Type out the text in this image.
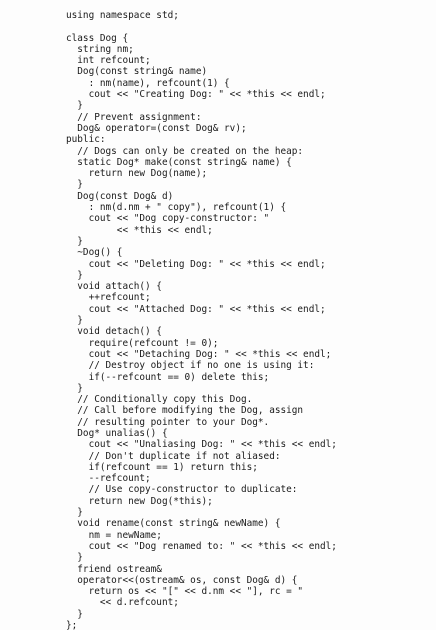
using namespace std;
class Dog {
string nm;
int refcount;
Dog(const string& name)
: nm(name), refcount(1) {
cout << "Creating Dog: " << *this << endl;
}
// Prevent assignment:
Dog& operator=(const Dog& rv);
public:
// Dogs can only be created on the heap:
static Dog* make(const string& name) {
return new Dog(name);
}
Dog(const Dog& d)
: nm(d.nm + " copy"), refcount(1) {
cout << "Dog copy-constructor: "
<< *this << endl;
}
~Dog() {
cout << "Deleting Dog: " << *this << endl;
}
void attach() {
++refcount;
cout << "Attached Dog: " << *this << endl;
}
void detach() {
require(refcount != 0);
cout << "Detaching Dog: " << *this << endl;
// Destroy object if no one is using it:
if(--refcount == 0) delete this;
}
// Conditionally copy this Dog.
// Call before modifying the Dog, assign
// resulting pointer to your Dog*.
Dog* unalias() {
cout << "Unaliasing Dog: " << *this << endl;
// Don't duplicate if not aliased:
if(refcount == 1) return this;
--refcount;
// Use copy-constructor to duplicate:
return new Dog(*this);
}
void rename(const string& newName) {
nm = newName;
cout << "Dog renamed to: " << *this << endl;
}
friend ostream&
operator<<(ostream& os, const Dog& d) {
return os << "[" << d.nm << "], rc = "
<< d.refcount;
}
};
